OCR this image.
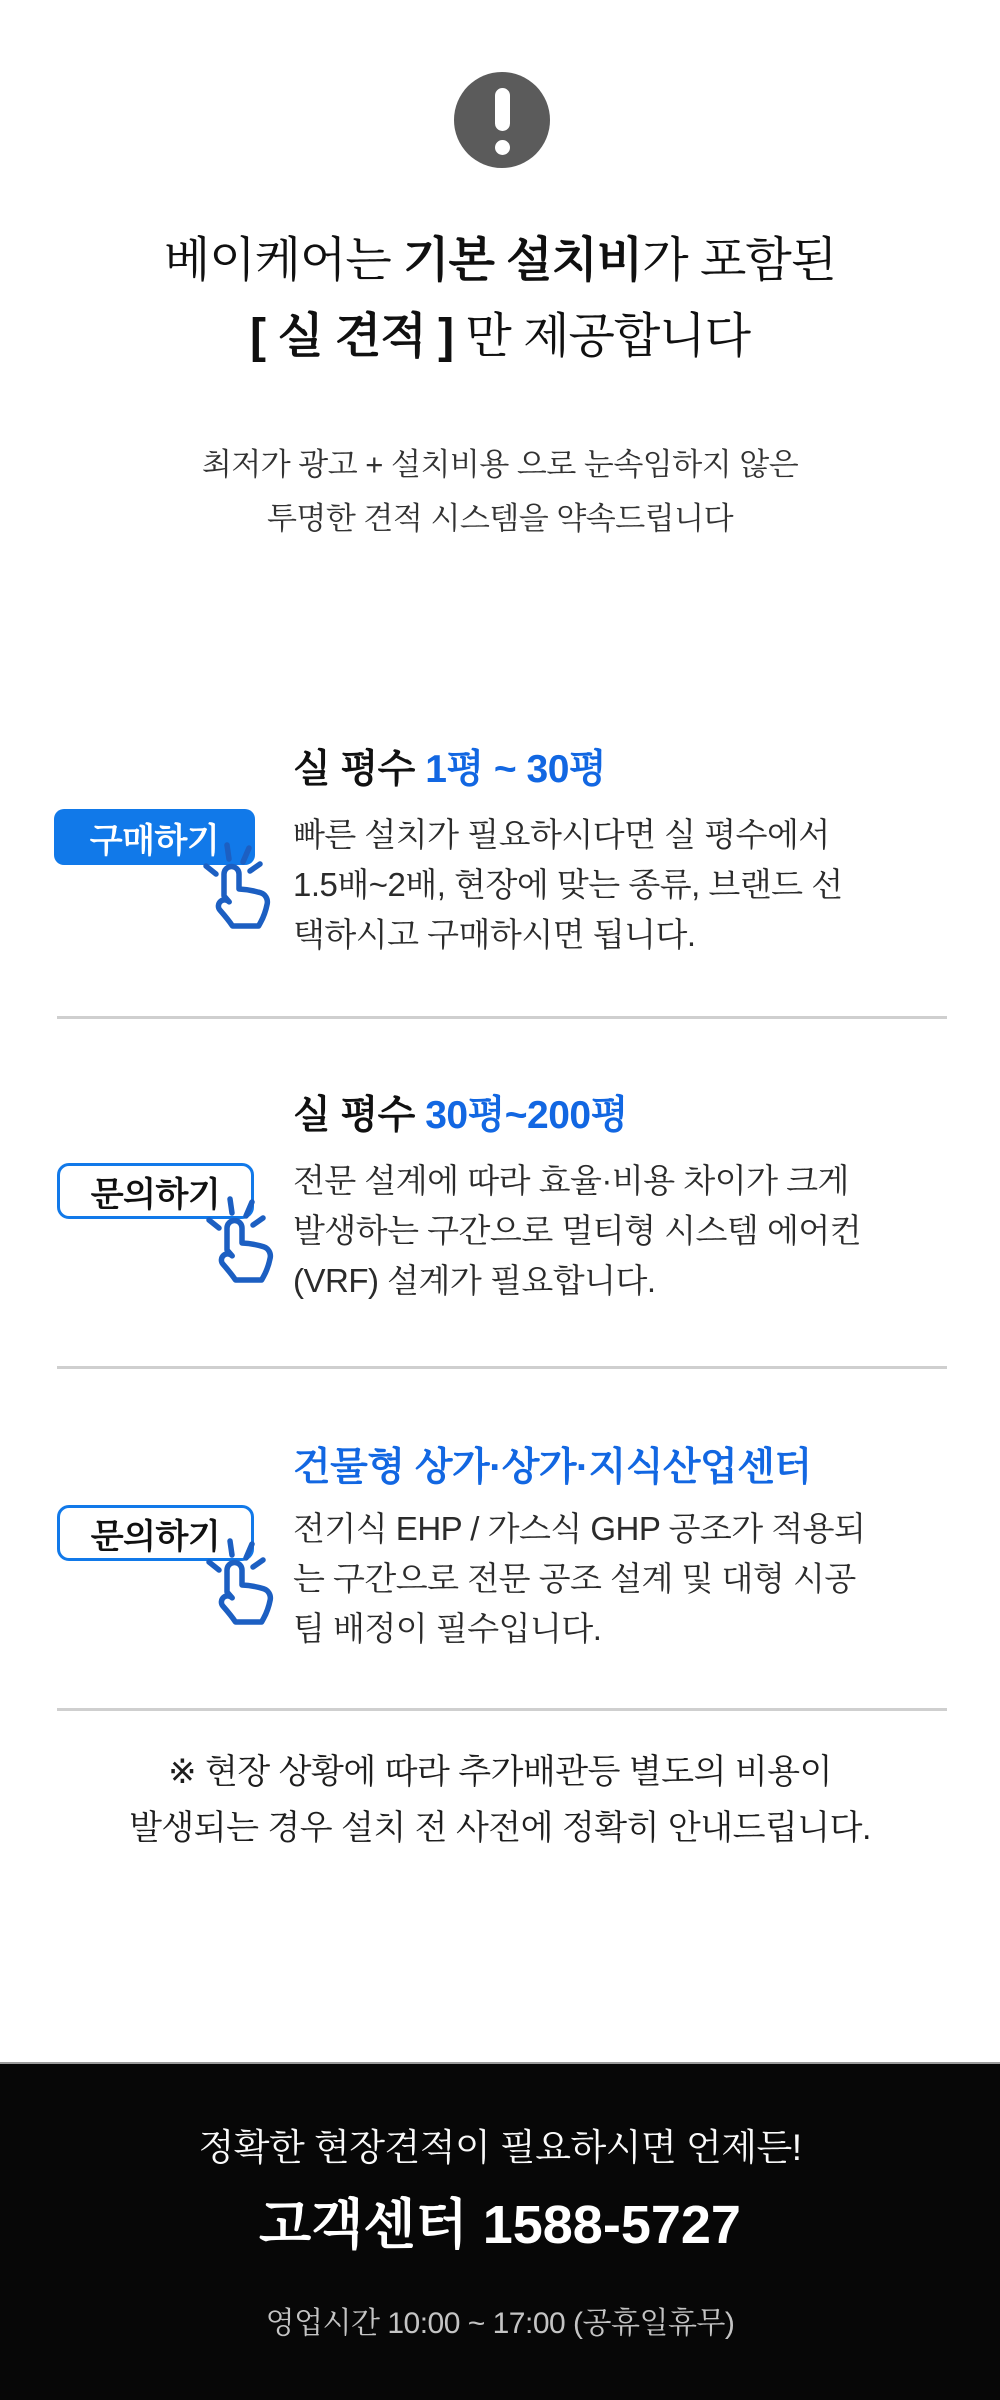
베이케어는 기본 설치비가 포함된
[ 실 견적 ] 만 제공합니다
최저가 광고 + 설치비용 으로 눈속임하지 않은
투명한 견적 시스템을 약속드립니다
실 평수 1평 ~ 30평
빠른 설치가 필요하시다면 실 평수에서
1.5배~2배, 현장에 맞는 종류, 브랜드 선
택하시고 구매하시면 됩니다.
구매하기
실 평수 30평~200평
전문 설계에 따라 효율·비용 차이가 크게
발생하는 구간으로 멀티형 시스템 에어컨
(VRF) 설계가 필요합니다.
문의하기
건물형 상가·상가·지식산업센터
전기식 EHP / 가스식 GHP 공조가 적용되
는 구간으로 전문 공조 설계 및 대형 시공
팀 배정이 필수입니다.
문의하기
※ 현장 상황에 따라 추가배관등 별도의 비용이
발생되는 경우 설치 전 사전에 정확히 안내드립니다.
정확한 현장견적이 필요하시면 언제든!
고객센터 1588-5727
영업시간 10:00 ~ 17:00 (공휴일휴무)
